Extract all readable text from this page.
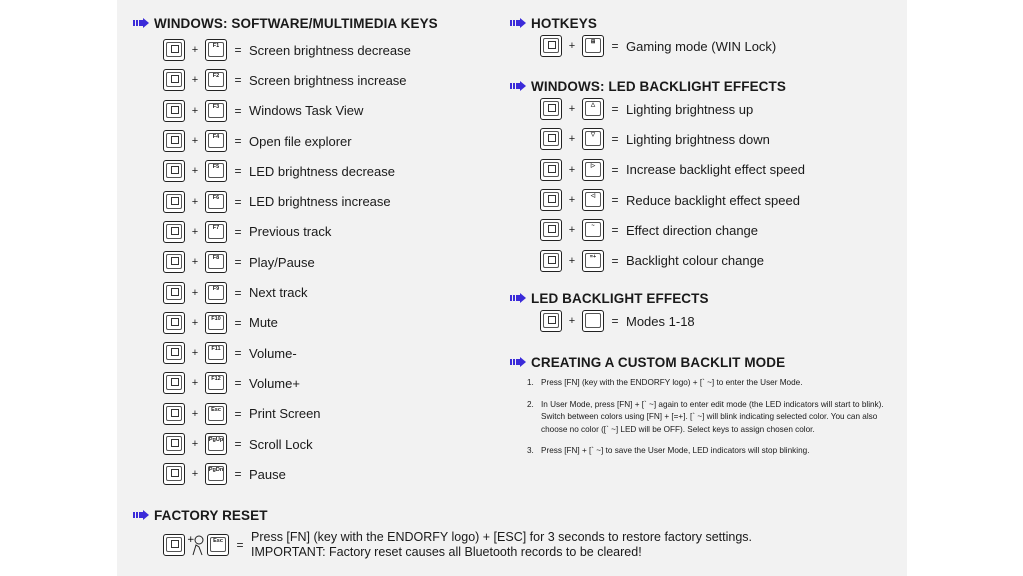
WINDOWS: SOFTWARE/MULTIMEDIA KEYS
+	F1	= Screen brightness decrease
+	F2	= Screen brightness increase
+	F3	= Windows Task View
+	F4	= Open file explorer
+	F5	= LED brightness decrease
+	F6	= LED brightness increase
+	F7	= Previous track
+	F8	= Play/Pause
+	F9	= Next track
+	F10	= Mute
+	F11	= Volume-
+	F12	= Volume+
+	Esc	= Print Screen
+	PgUp = Scroll Lock
+	PgDn = Pause
HOTKEYS
+	⊞	= Gaming mode (WIN Lock)
WINDOWS: LED BACKLIGHT EFFECTS
+	△	= Lighting brightness up
+	▽	= Lighting brightness down
+	▷	= Increase backlight effect speed
+	◁	= Reduce backlight effect speed
+	~	= Effect direction change
+	=+	= Backlight colour change
LED BACKLIGHT EFFECTS
+	= Modes 1-18
CREATING A CUSTOM BACKLIT MODE
1. Press [FN] (key with the ENDORFY logo) + [` ~] to enter the User Mode.
2. In User Mode, press [FN] + [` ~] again to enter edit mode (the LED indicators will start to blink). Switch between colors using [FN] + [=+]. [` ~] will blink indicating selected color. You can also choose no color ([` ~] LED will be OFF). Select keys to assign chosen color.
3. Press [FN] + [` ~] to save the User Mode, LED indicators will stop blinking.
FACTORY RESET
+	Esc	=
Press [FN] (key with the ENDORFY logo) + [ESC] for 3 seconds to restore factory settings.
IMPORTANT: Factory reset causes all Bluetooth records to be cleared!
